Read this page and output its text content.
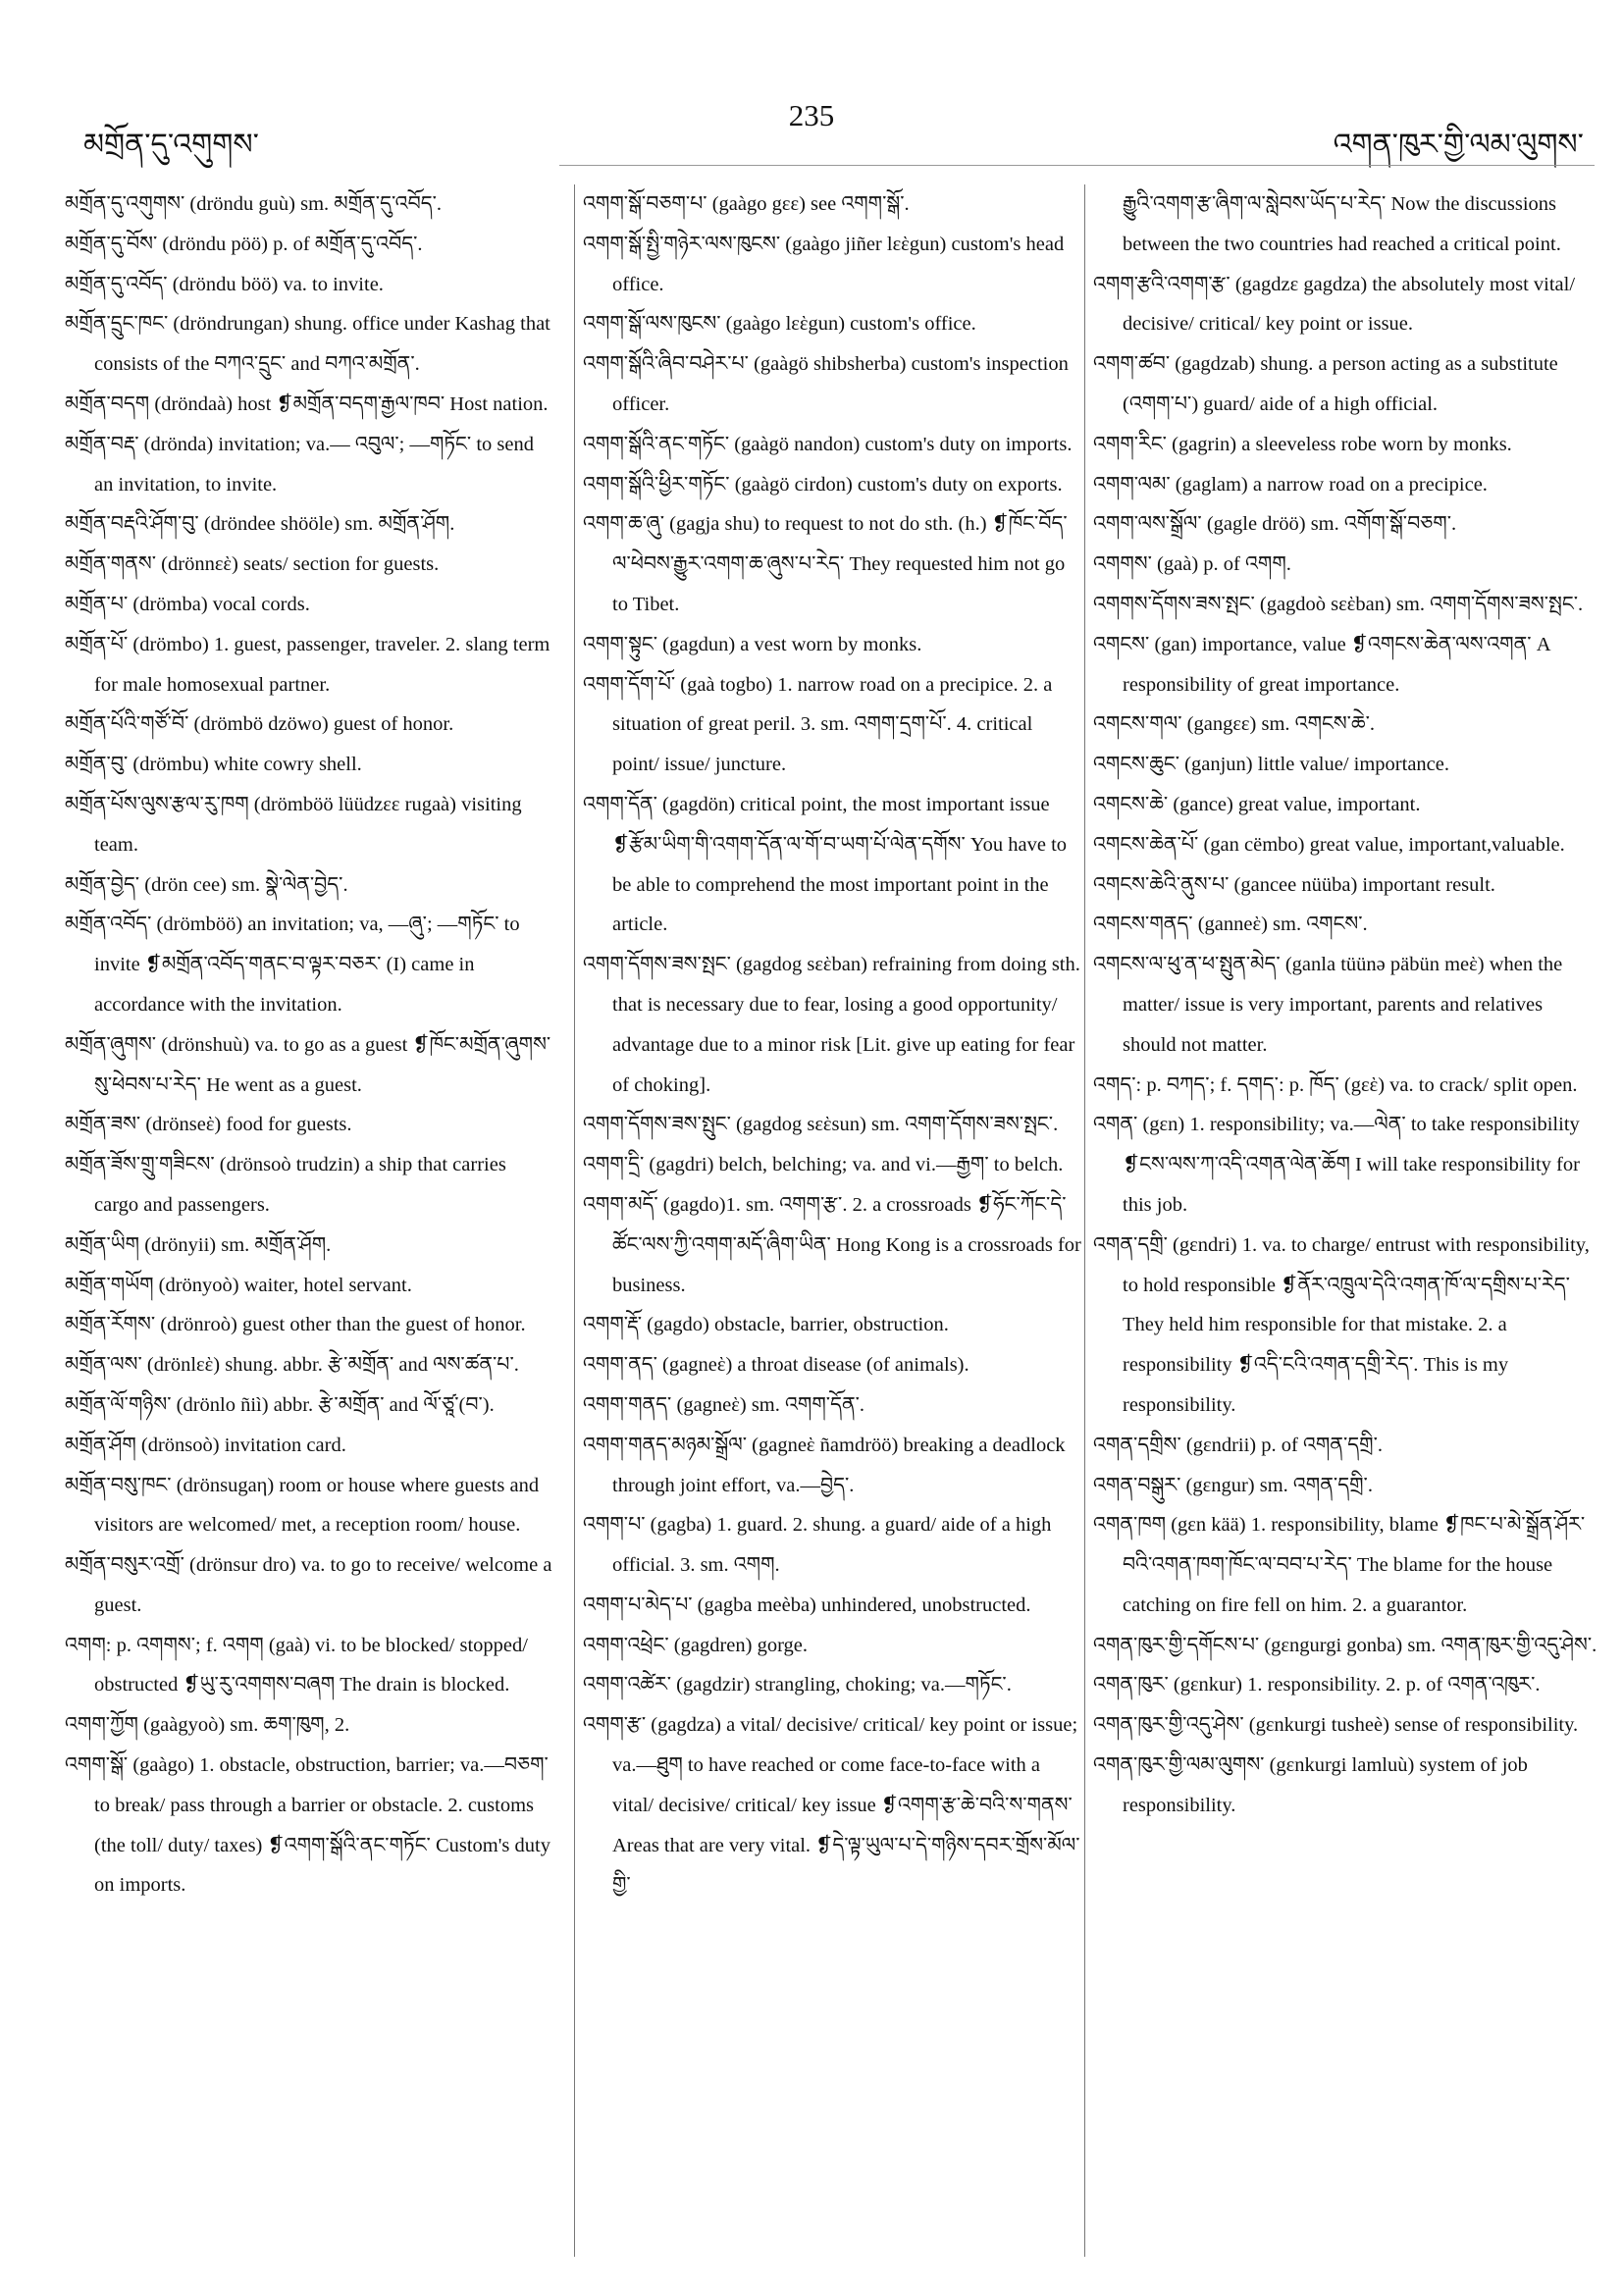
མགྲོན་དུ་འགུགས་
235
འགན་ཁུར་གྱི་ལམ་ལུགས་

མགྲོན་དུ་འགུགས་ (dröndu guù) sm. མགྲོན་དུ་འབོད་.

མགྲོན་དུ་བོས་ (dröndu pöö) p. of མགྲོན་དུ་འབོད་.

མགྲོན་དུ་འབོད་ (dröndu böö) va. to invite.

མགྲོན་དྲུང་ཁང་ (dröndrungan) shung. office under Kashag that consists of the བཀའ་དྲུང་ and བཀའ་མགྲོན་.

མགྲོན་བདག (dröndaà) host ❡མགྲོན་བདག་རྒྱལ་ཁབ་ Host nation.

མགྲོན་བརྡ་ (drönda) invitation; va.— འབུལ་; —གཏོང་ to send an invitation, to invite.

མགྲོན་བརྡའི་ཤོག་བུ་ (dröndee shööle) sm. མགྲོན་ཤོག.

མགྲོན་གནས་ (drönnεὲ) seats/ section for guests.

མགྲོན་པ་ (drömba) vocal cords.

མགྲོན་པོ་ (drömbo) 1. guest, passenger, traveler. 2. slang term for male homosexual partner.

མགྲོན་པོའི་གཙོ་བོ་ (drömbö dzöwo) guest of honor.

མགྲོན་བུ་ (drömbu) white cowry shell.

མགྲོན་པོས་ལུས་རྩལ་རུ་ཁག (drömböö lüüdzεε rugaà) visiting team.

མགྲོན་བྱེད་ (drön cee) sm. སྣེ་ལེན་བྱེད་.

མགྲོན་འབོད་ (drömböö) an invitation; va, —ཞུ་; —གཏོང་ to invite ❡མགྲོན་འབོད་གནང་བ་ལྟར་བཅར་ (I) came in accordance with the invitation.

མགྲོན་ཞུགས་ (drönshuù) va. to go as a guest ❡ཁོང་མགྲོན་ཞུགས་སུ་ཕེབས་པ་རེད་ He went as a guest.

མགྲོན་ཟས་ (drönseὲ) food for guests.

མགྲོན་ཟོས་གྲུ་གཟིངས་ (drönsoò trudzin) a ship that carries cargo and passengers.

མགྲོན་ཡིག (drönyii) sm. མགྲོན་ཤོག.

མགྲོན་གཡོག (drönyoò) waiter, hotel servant.

མགྲོན་རོགས་ (drönroò) guest other than the guest of honor.

མགྲོན་ལས་ (drönlεὲ) shung. abbr. རྩེ་མགྲོན་ and ལས་ཚན་པ་.

མགྲོན་ལོ་གཉིས་ (drönlo ñiì) abbr. རྩེ་མགྲོན་ and ལོ་ཙཱ་(བ་).

མགྲོན་ཤོག (drönsoò) invitation card.

མགྲོན་བསུ་ཁང་ (drönsugaη) room or house where guests and visitors are welcomed/ met, a reception room/ house.

མགྲོན་བསུར་འགྲོ་ (drönsur dro) va. to go to receive/ welcome a guest.

འགག: p. འགགས་; f. འགག (gaà) vi. to be blocked/ stopped/ obstructed ❡ཡུ་རུ་འགགས་བཞག The drain is blocked.

འགག་ཀྱོག (gaàgyoò) sm. ཆག་ཁུག, 2.

འགག་སྒོ་ (gaàgo) 1. obstacle, obstruction, barrier; va.—བཅག་ to break/ pass through a barrier or obstacle. 2. customs (the toll/ duty/ taxes) ❡འགག་སྒོའི་ནང་གཏོང་ Custom's duty on imports.

འགག་སྒོ་བཅག་པ་ (gaàgo gεε) see འགག་སྒོ་.

འགག་སྒོ་སྤྱི་གཉེར་ལས་ཁུངས་ (gaàgo jiñer lεὲgun) custom's head office.

འགག་སྒོ་ལས་ཁུངས་ (gaàgo lεὲgun) custom's office.

འགག་སྒོའི་ཞིབ་བཤེར་པ་ (gaàgö shibsherba) custom's inspection officer.

འགག་སྒོའི་ནང་གཏོང་ (gaàgö nandon) custom's duty on imports.

འགག་སྒོའི་ཕྱིར་གཏོང་ (gaàgö cirdon) custom's duty on exports.

འགག་ཆ་ཞུ་ (gagja shu) to request to not do sth. (h.) ❡ཁོང་བོད་ལ་ཕེབས་རྒྱུར་འགག་ཆ་ཞུས་པ་རེད་ They requested him not go to Tibet.

འགག་སྟུང་ (gagdun) a vest worn by monks.

འགག་དོག་པོ་ (gaà togbo) 1. narrow road on a precipice. 2. a situation of great peril. 3. sm. འགག་དྲག་པོ་. 4. critical point/ issue/ juncture.

འགག་དོན་ (gagdön) critical point, the most important issue ❡རྩོམ་ཡིག་གི་འགག་དོན་ལ་གོ་བ་ཡག་པོ་ལེན་དགོས་ You have to be able to comprehend the most important point in the article.

འགག་དོགས་ཟས་སྤང་ (gagdog sεὲban) refraining from doing sth. that is necessary due to fear, losing a good opportunity/ advantage due to a minor risk [Lit. give up eating for fear of choking].

འགག་དོགས་ཟས་སྤུང་ (gagdog sεὲsun) sm. འགག་དོགས་ཟས་སྤང་.

འགག་དྲི་ (gagdri) belch, belching; va. and vi.—རྒྱག་ to belch.

འགག་མདོ་ (gagdo)1. sm. འགག་རྩ་. 2. a crossroads ❡ཧོང་ཀོང་དེ་ཚོང་ལས་ཀྱི་འགག་མདོ་ཞིག་ཡིན་ Hong Kong is a crossroads for business.

འགག་རྡོ་ (gagdo) obstacle, barrier, obstruction.

འགག་ནད་ (gagneὲ) a throat disease (of animals).

འགག་གནད་ (gagneὲ) sm. འགག་དོན་.

འགག་གནད་མཉམ་སྒྲོལ་ (gagneὲ ñamdröö) breaking a deadlock through joint effort, va.—བྱེད་.

འགག་པ་ (gagba) 1. guard. 2. shung. a guard/ aide of a high official. 3. sm. འགག.

འགག་པ་མེད་པ་ (gagba meèba) unhindered, unobstructed.

འགག་འཕྲེང་ (gagdren) gorge.

འགག་འཚེར་ (gagdzir) strangling, choking; va.—གཏོང་.

འགག་རྩ་ (gagdza) a vital/ decisive/ critical/ key point or issue; va.—ཐུག to have reached or come face-to-face with a vital/ decisive/ critical/ key issue ❡འགག་རྩ་ཆེ་བའི་ས་གནས་ Areas that are very vital. ❡དེ་ལྟ་ཡུལ་པ་དེ་གཉིས་དབར་གྲོས་མོལ་གྱི་

རྒྱུའི་འགག་རྩ་ཞིག་ལ་སླེབས་ཡོད་པ་རེད་ Now the discussions between the two countries had reached a critical point.

འགག་རྩའི་འགག་རྩ་ (gagdzε gagdza) the absolutely most vital/ decisive/ critical/ key point or issue.

འགག་ཚབ་ (gagdzab) shung. a person acting as a substitute (འགག་པ་) guard/ aide of a high official.

འགག་རིང་ (gagrin) a sleeveless robe worn by monks.

འགག་ལམ་ (gaglam) a narrow road on a precipice.

འགག་ལས་སྒྲོལ་ (gagle dröö) sm. འགོག་སྒོ་བཅག་.

འགགས་ (gaà) p. of འགག.

འགགས་དོགས་ཟས་སྤང་ (gagdoò sεὲban) sm. འགག་དོགས་ཟས་སྤང་.

འགངས་ (gan) importance, value ❡འགངས་ཆེན་ལས་འགན་ A responsibility of great importance.

འགངས་གལ་ (gangεε) sm. འགངས་ཆེ་.

འགངས་ཆུང་ (ganjun) little value/ importance.

འགངས་ཆེ་ (gance) great value, important.

འགངས་ཆེན་པོ་ (gan cëmbo) great value, important,valuable.

འགངས་ཆེའི་ནུས་པ་ (gancee nüüba) important result.

འགངས་གནད་ (ganneὲ) sm. འགངས་.

འགངས་ལ་ཕུ་ན་ཕ་སྤུན་མེད་ (ganla tüünə päbün meὲ) when the matter/ issue is very important, parents and relatives should not matter.

འགད་: p. བཀད་; f. དགད་: p. ཁོད་ (gεὲ) va. to crack/ split open.

འགན་ (gεn) 1. responsibility; va.—ལེན་ to take responsibility ❡ངས་ལས་ཀ་འདི་འགན་ལེན་ཆོག I will take responsibility for this job.

འགན་དགྲི་ (gεndri) 1. va. to charge/ entrust with responsibility, to hold responsible ❡ནོར་འཁྲུལ་དེའི་འགན་ཁོ་ལ་དགྲིས་པ་རེད་ They held him responsible for that mistake. 2. a responsibility ❡འདི་ངའི་འགན་དགྲི་རེད་. This is my responsibility.

འགན་དགྲིས་ (gεndrii) p. of འགན་དགྲི་.

འགན་བསྒུར་ (gεngur) sm. འགན་དགྲི་.

འགན་ཁག (gεn kää) 1. responsibility, blame ❡ཁང་པ་མེ་སྒྲོན་ཤོར་བའི་འགན་ཁག་ཁོང་ལ་བབ་པ་རེད་ The blame for the house catching on fire fell on him. 2. a guarantor.

འགན་ཁུར་གྱི་དགོངས་པ་ (gεngurgi gonba) sm. འགན་ཁུར་གྱི་འདུ་ཤེས་.

འགན་ཁུར་ (gεnkur) 1. responsibility. 2. p. of འགན་འཁུར་.

འགན་ཁུར་གྱི་འདུ་ཤེས་ (gεnkurgi tusheè) sense of responsibility.

འགན་ཁུར་གྱི་ལམ་ལུགས་ (gεnkurgi lamluù) system of job responsibility.
